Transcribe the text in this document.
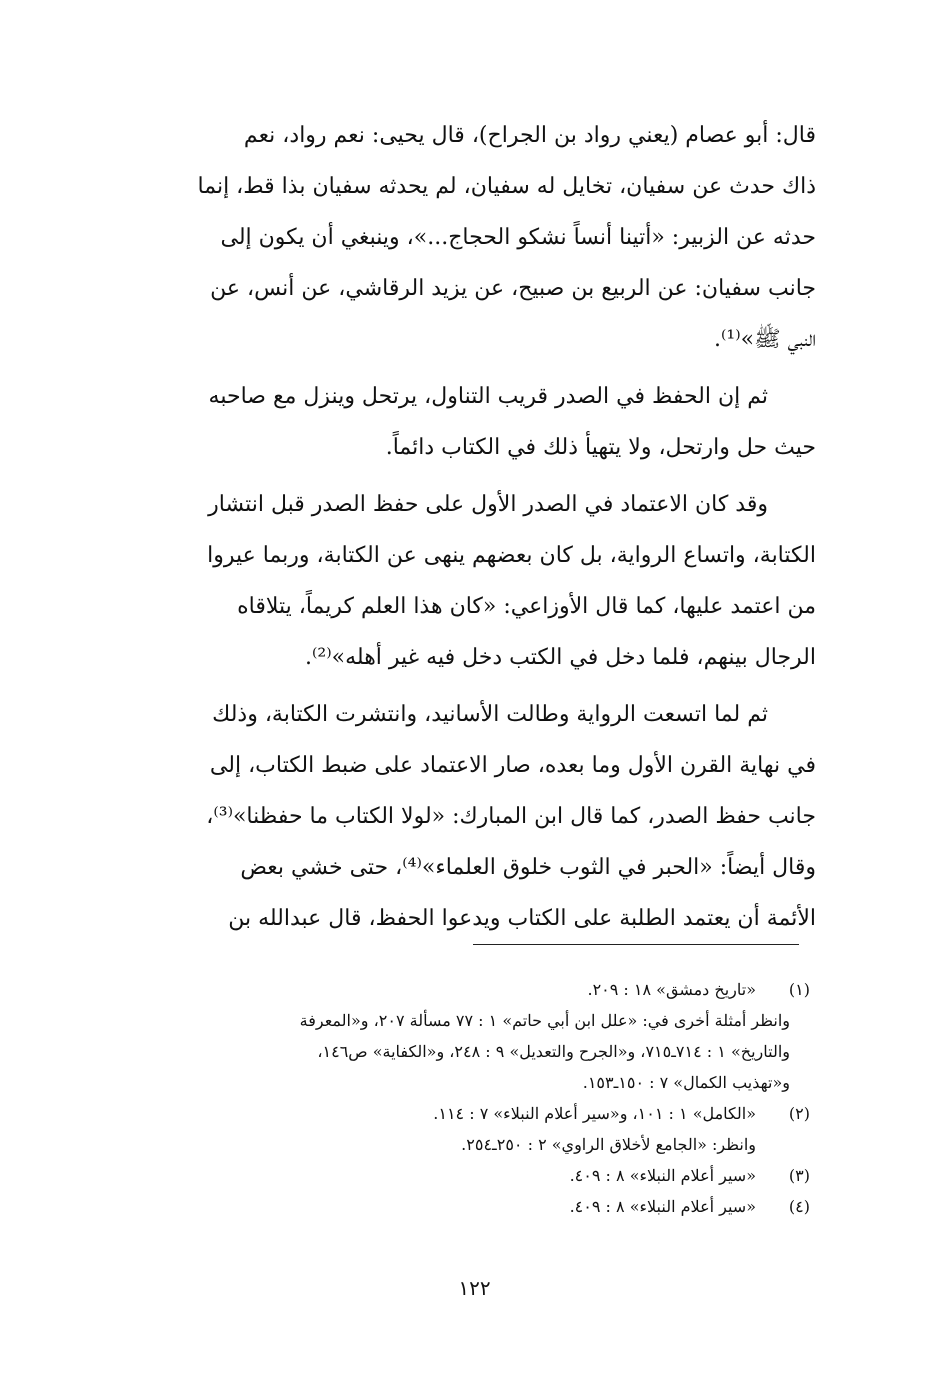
قال: أبو عصام (يعني رواد بن الجراح)، قال يحيى: نعم رواد، نعم
ذاك حدث عن سفيان، تخايل له سفيان، لم يحدثه سفيان بذا قط، إنما
حدثه عن الزبير: «أتينا أنساً نشكو الحجاج...»، وينبغي أن يكون إلى
جانب سفيان: عن الربيع بن صبيح، عن يزيد الرقاشي، عن أنس، عن
النبي ﷺ»⁽¹⁾.
ثم إن الحفظ في الصدر قريب التناول، يرتحل وينزل مع صاحبه
حيث حل وارتحل، ولا يتهيأ ذلك في الكتاب دائماً.
وقد كان الاعتماد في الصدر الأول على حفظ الصدر قبل انتشار
الكتابة، واتساع الرواية، بل كان بعضهم ينهى عن الكتابة، وربما عيروا
من اعتمد عليها، كما قال الأوزاعي: «كان هذا العلم كريماً، يتلاقاه
الرجال بينهم، فلما دخل في الكتب دخل فيه غير أهله»⁽²⁾.
ثم لما اتسعت الرواية وطالت الأسانيد، وانتشرت الكتابة، وذلك
في نهاية القرن الأول وما بعده، صار الاعتماد على ضبط الكتاب، إلى
جانب حفظ الصدر، كما قال ابن المبارك: «لولا الكتاب ما حفظنا»⁽³⁾،
وقال أيضاً: «الحبر في الثوب خلوق العلماء»⁽⁴⁾، حتى خشي بعض
الأئمة أن يعتمد الطلبة على الكتاب ويدعوا الحفظ، قال عبدالله بن
(١)«تاريخ دمشق» ١٨ : ٢٠٩.
وانظر أمثلة أخرى في: «علل ابن أبي حاتم» ١ : ٧٧ مسألة ٢٠٧، و«المعرفة
والتاريخ» ١ : ٧١٤ـ٧١٥، و«الجرح والتعديل» ٩ : ٢٤٨، و«الكفاية» ص١٤٦،
و«تهذيب الكمال» ٧ : ١٥٠ـ١٥٣.
(٢)«الكامل» ١ : ١٠١، و«سير أعلام النبلاء» ٧ : ١١٤.
وانظر: «الجامع لأخلاق الراوي» ٢ : ٢٥٠ـ٢٥٤.
(٣)«سير أعلام النبلاء» ٨ : ٤٠٩.
(٤)«سير أعلام النبلاء» ٨ : ٤٠٩.
١٢٢
